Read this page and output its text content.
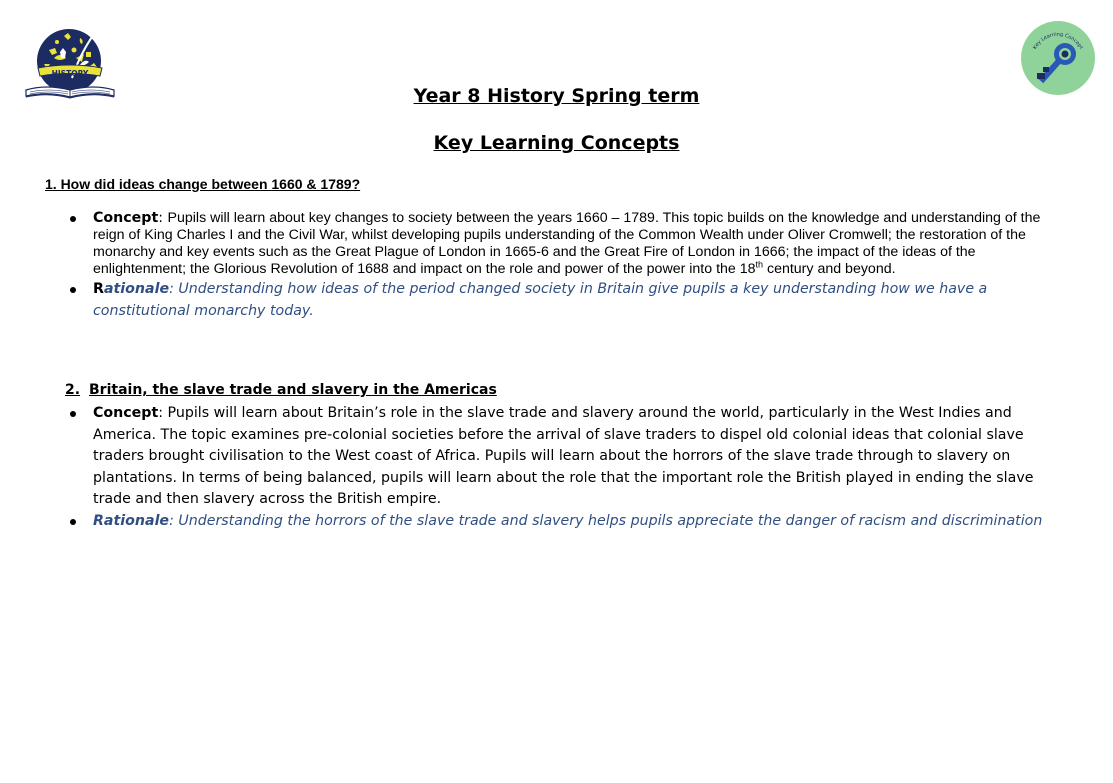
HISTORY
Key Learning Concept
Year 8 History Spring term
Key Learning Concepts
1. How did ideas change between 1660 & 1789?
Concept: Pupils will learn about key changes to society between the years 1660 – 1789. This topic builds on the knowledge and understanding of the reign of King Charles I and the Civil War, whilst developing pupils understanding of the Common Wealth under Oliver Cromwell; the restoration of the monarchy and key events such as the Great Plague of London in 1665-6 and the Great Fire of London in 1666; the impact of the ideas of the enlightenment; the Glorious Revolution of 1688 and impact on the role and power of the power into the 18th century and beyond.
Rationale: Understanding how ideas of the period changed society in Britain give pupils a key understanding how we have a constitutional monarchy today.
2. Britain, the slave trade and slavery in the Americas
Concept: Pupils will learn about Britain’s role in the slave trade and slavery around the world, particularly in the West Indies and America. The topic examines pre-colonial societies before the arrival of slave traders to dispel old colonial ideas that colonial slave traders brought civilisation to the West coast of Africa. Pupils will learn about the horrors of the slave trade through to slavery on plantations. In terms of being balanced, pupils will learn about the role that the important role the British played in ending the slave trade and then slavery across the British empire.
Rationale: Understanding the horrors of the slave trade and slavery helps pupils appreciate the danger of racism and discrimination
